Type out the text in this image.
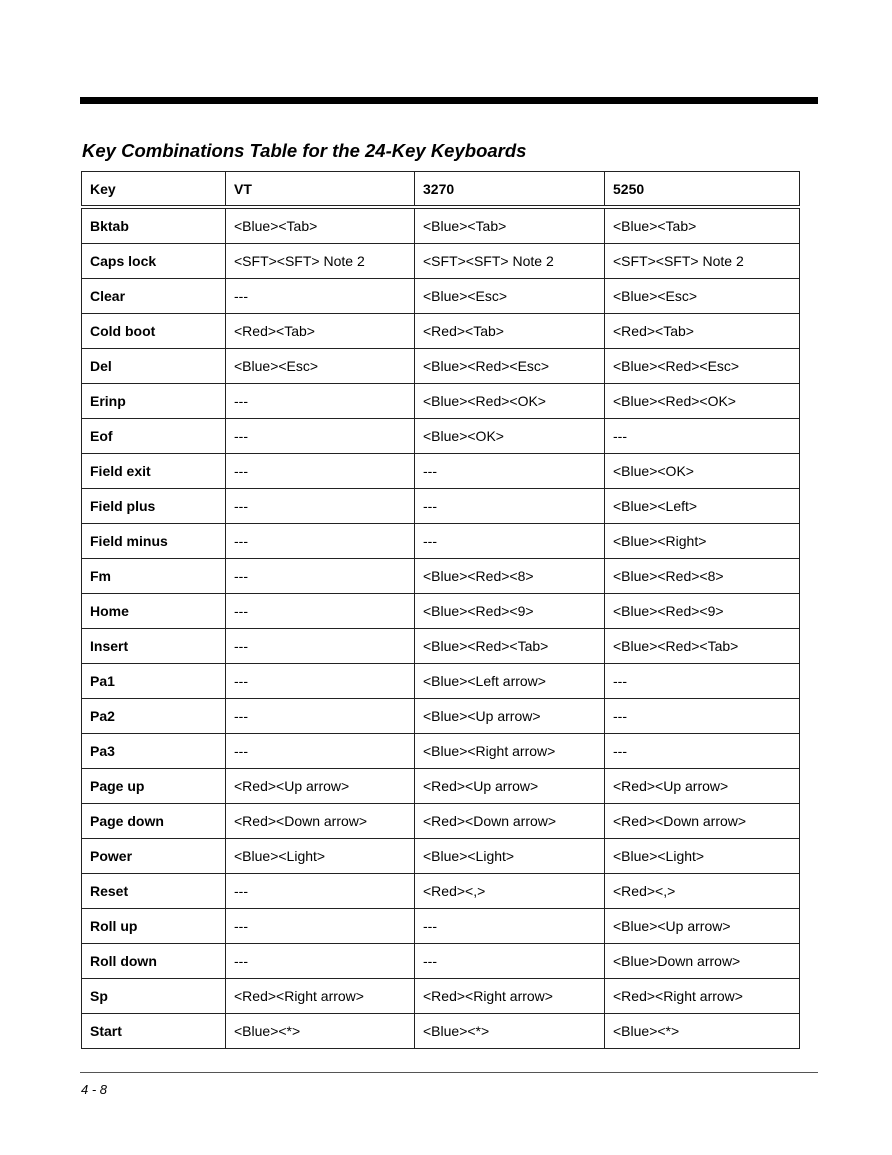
Key Combinations Table for the 24-Key Keyboards
Key	VT	3270	5250
Bktab	<Blue><Tab>	<Blue><Tab>	<Blue><Tab>
Caps lock	<SFT><SFT> Note 2	<SFT><SFT> Note 2	<SFT><SFT> Note 2
Clear	---	<Blue><Esc>	<Blue><Esc>
Cold boot	<Red><Tab>	<Red><Tab>	<Red><Tab>
Del	<Blue><Esc>	<Blue><Red><Esc>	<Blue><Red><Esc>
Erinp	---	<Blue><Red><OK>	<Blue><Red><OK>
Eof	---	<Blue><OK>	---
Field exit	---	---	<Blue><OK>
Field plus	---	---	<Blue><Left>
Field minus	---	---	<Blue><Right>
Fm	---	<Blue><Red><8>	<Blue><Red><8>
Home	---	<Blue><Red><9>	<Blue><Red><9>
Insert	---	<Blue><Red><Tab>	<Blue><Red><Tab>
Pa1	---	<Blue><Left arrow>	---
Pa2	---	<Blue><Up arrow>	---
Pa3	---	<Blue><Right arrow>	---
Page up	<Red><Up arrow>	<Red><Up arrow>	<Red><Up arrow>
Page down	<Red><Down arrow>	<Red><Down arrow>	<Red><Down arrow>
Power	<Blue><Light>	<Blue><Light>	<Blue><Light>
Reset	---	<Red><,>	<Red><,>
Roll up	---	---	<Blue><Up arrow>
Roll down	---	---	<Blue>Down arrow>
Sp	<Red><Right arrow>	<Red><Right arrow>	<Red><Right arrow>
Start	<Blue><*>	<Blue><*>	<Blue><*>
4 - 8
